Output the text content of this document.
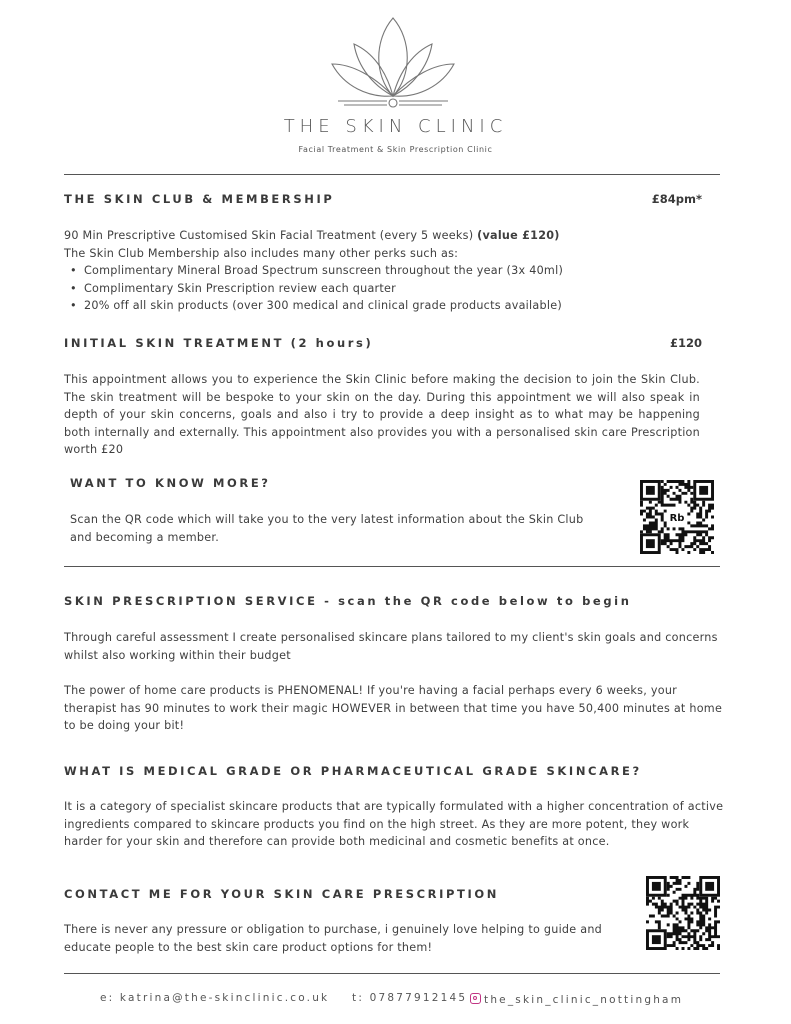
THE SKIN CLINIC
Facial Treatment & Skin Prescription Clinic
THE SKIN CLUB & MEMBERSHIP	£84pm*
90 Min Prescriptive Customised Skin Facial Treatment (every 5 weeks) (value £120)
The Skin Club Membership also includes many other perks such as:
• Complimentary Mineral Broad Spectrum sunscreen throughout the year (3x 40ml)
• Complimentary Skin Prescription review each quarter
• 20% off all skin products (over 300 medical and clinical grade products available)
INITIAL SKIN TREATMENT (2 hours)	£120
This appointment allows you to experience the Skin Clinic before making the decision to join the Skin Club. The skin treatment will be bespoke to your skin on the day. During this appointment we will also speak in depth of your skin concerns, goals and also i try to provide a deep insight as to what may be happening both internally and externally. This appointment also provides you with a personalised skin care Prescription worth £20
WANT TO KNOW MORE?
Scan the QR code which will take you to the very latest information about the Skin Club and becoming a member.
Rb
SKIN PRESCRIPTION SERVICE - scan the QR code below to begin
Through careful assessment I create personalised skincare plans tailored to my client's skin goals and concerns whilst also working within their budget
The power of home care products is PHENOMENAL! If you're having a facial perhaps every 6 weeks, your therapist has 90 minutes to work their magic HOWEVER in between that time you have 50,400 minutes at home to be doing your bit!
WHAT IS MEDICAL GRADE OR PHARMACEUTICAL GRADE SKINCARE?
It is a category of specialist skincare products that are typically formulated with a higher concentration of active ingredients compared to skincare products you find on the high street. As they are more potent, they work harder for your skin and therefore can provide both medicinal and cosmetic benefits at once.
CONTACT ME FOR YOUR SKIN CARE PRESCRIPTION
There is never any pressure or obligation to purchase, i genuinely love helping to guide and educate people to the best skin care product options for them!
e: katrina@the-skinclinic.co.uk t: 07877912145	the_skin_clinic_nottingham
